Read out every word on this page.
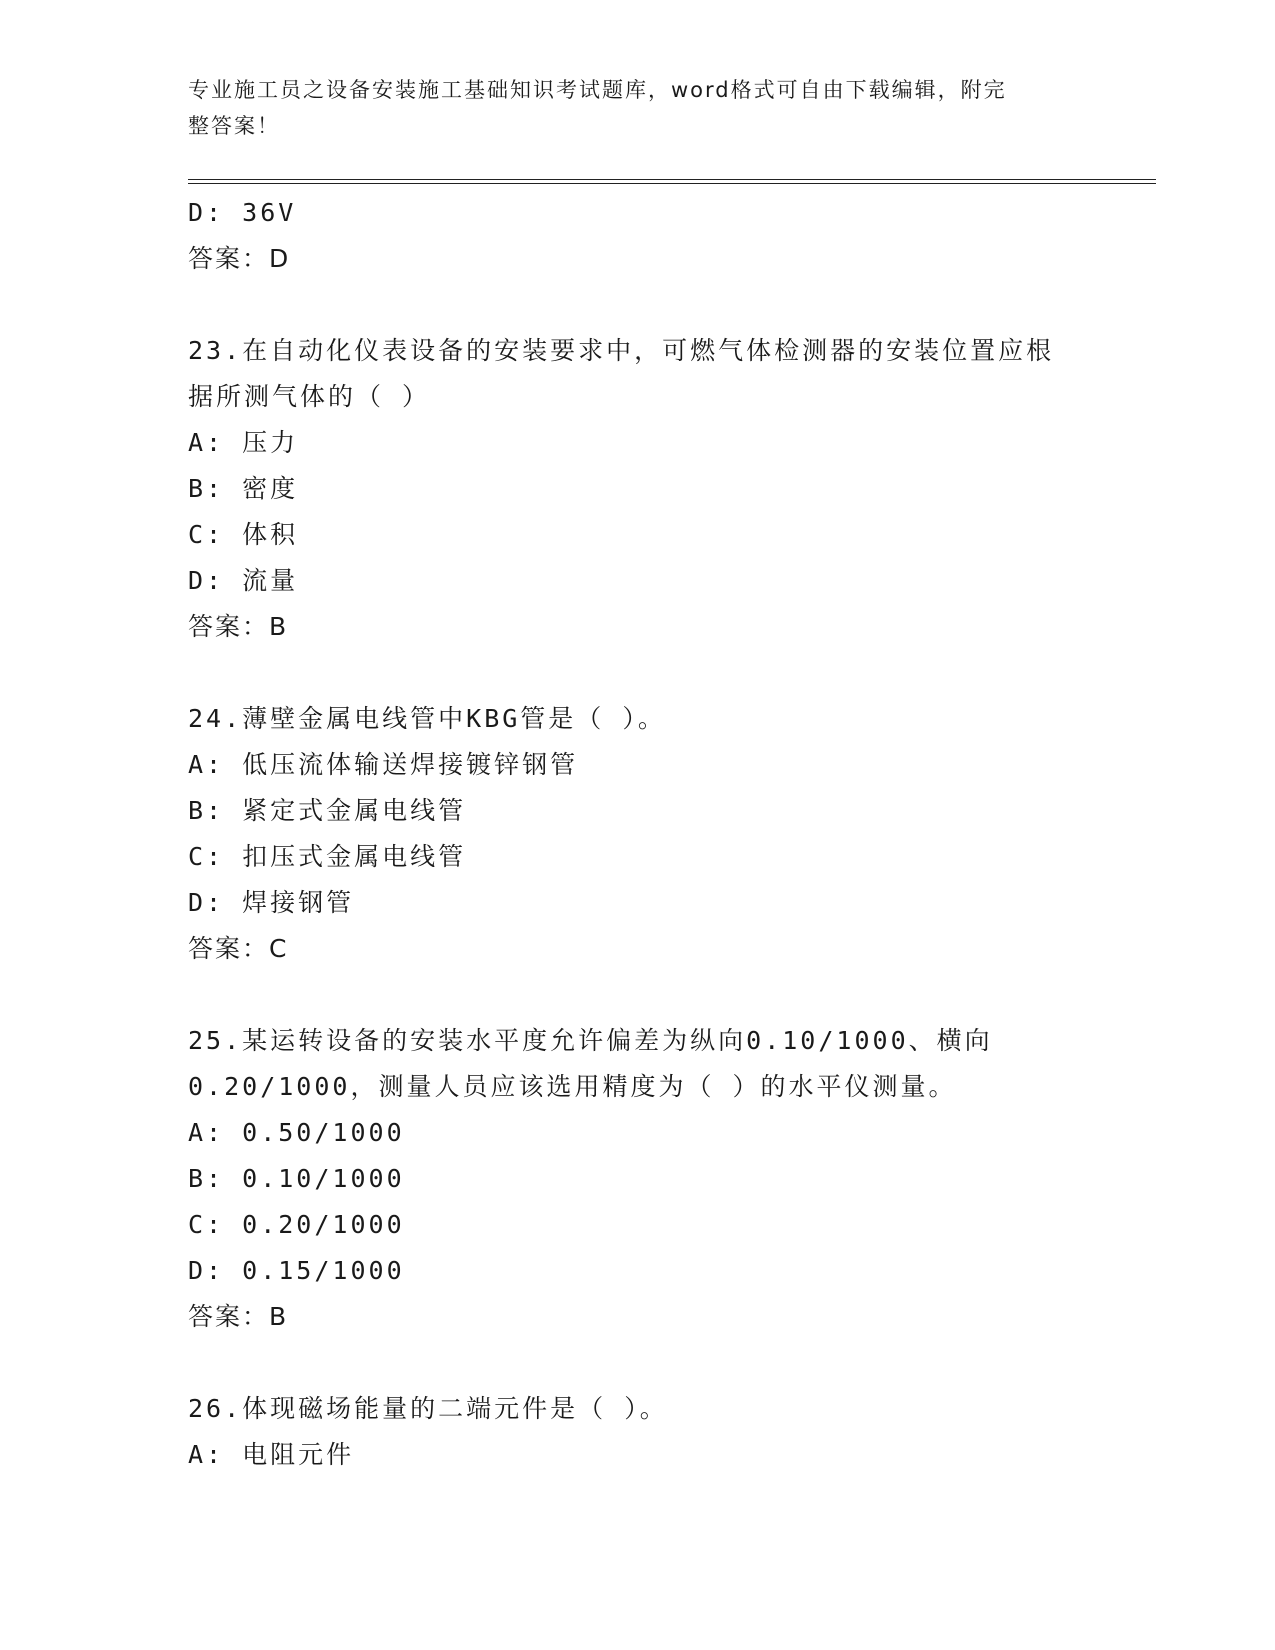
专业施工员之设备安装施工基础知识考试题库，word格式可自由下载编辑，附完
整答案！
D: 36V
答案：D
23.在自动化仪表设备的安装要求中，可燃气体检测器的安装位置应根
据所测气体的（ ）
A: 压力
B: 密度
C: 体积
D: 流量
答案：B
24.薄壁金属电线管中KBG管是（ ）。
A: 低压流体输送焊接镀锌钢管
B: 紧定式金属电线管
C: 扣压式金属电线管
D: 焊接钢管
答案：C
25.某运转设备的安装水平度允许偏差为纵向0.10/1000、横向
0.20/1000，测量人员应该选用精度为（ ）的水平仪测量。
A: 0.50/1000
B: 0.10/1000
C: 0.20/1000
D: 0.15/1000
答案：B
26.体现磁场能量的二端元件是（ ）。
A: 电阻元件
